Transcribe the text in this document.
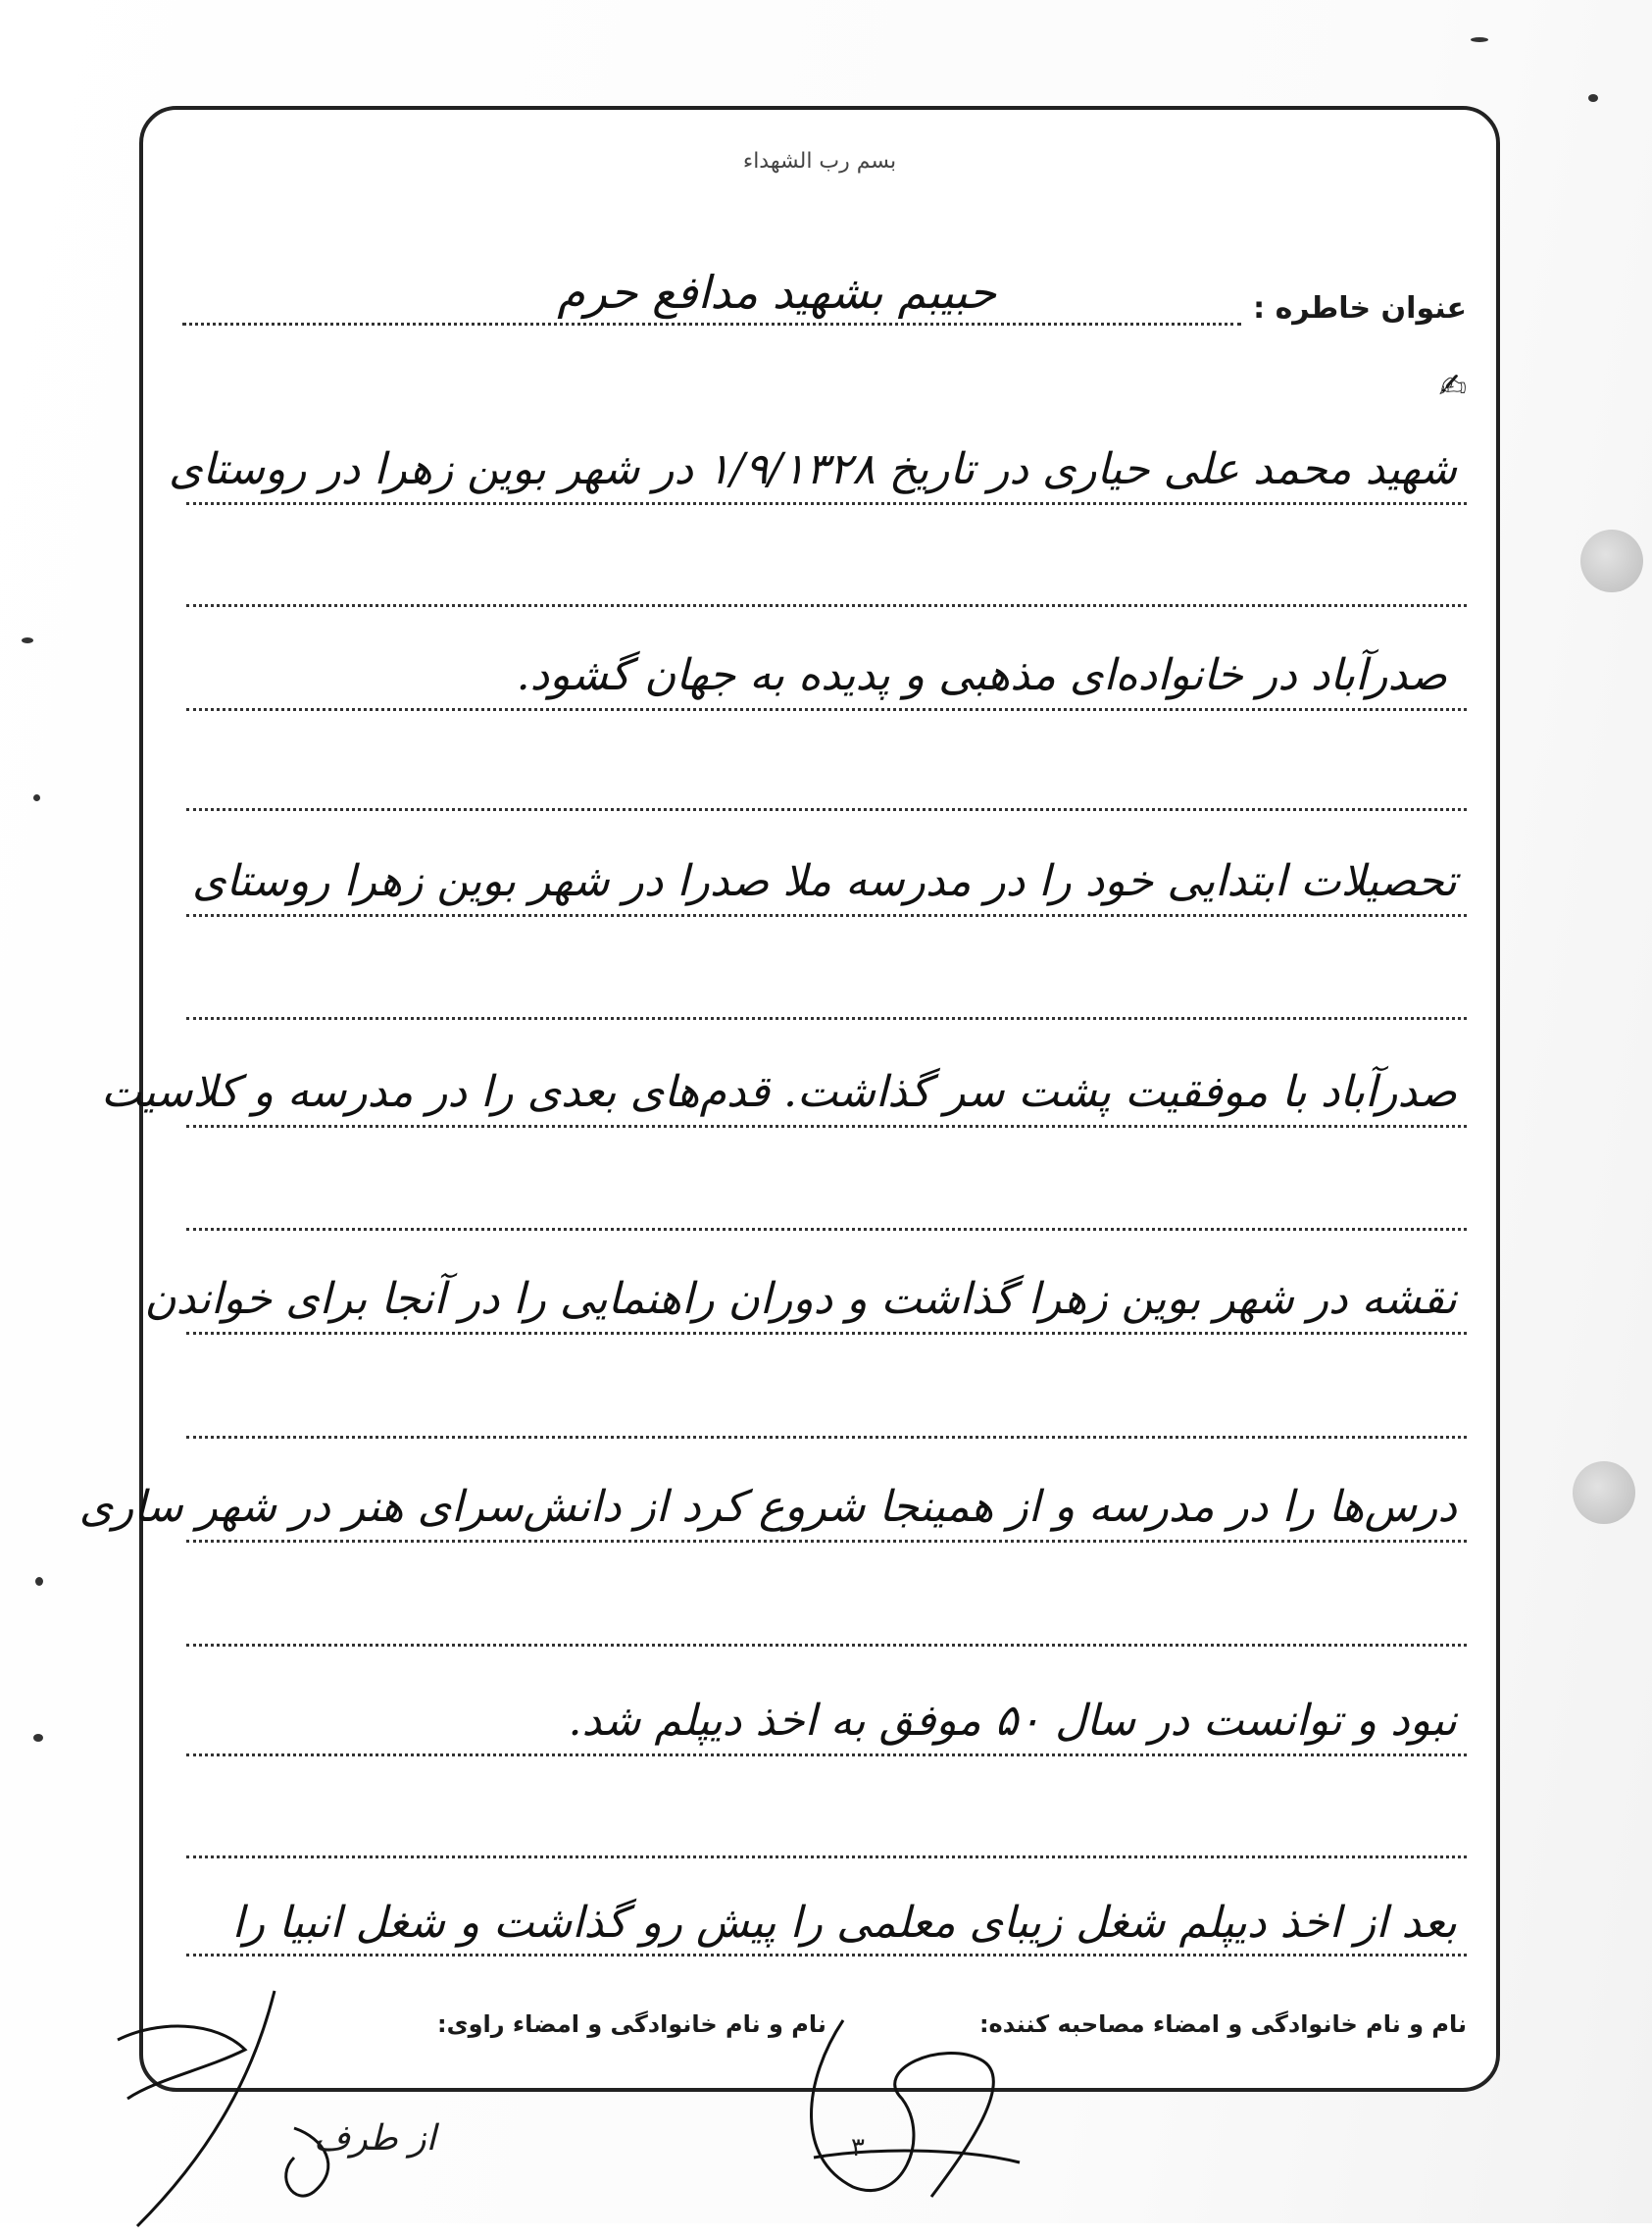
بسم رب الشهداء
عنوان خاطره :
حبیبم بشهید مدافع حرم
✍
شهید محمد علی حیاری در تاریخ ۱/۹/۱۳۲۸ در شهر بوین زهرا در روستای
صدرآباد در خانواده‌ای مذهبی و پدیده به جهان گشود.
تحصیلات ابتدایی خود را در مدرسه ملا صدرا در شهر بوین زهرا روستای
صدرآباد با موفقیت پشت سر گذاشت. قدم‌های بعدی را در مدرسه و کلاسیت
نقشه در شهر بوین زهرا گذاشت و دوران راهنمایی را در آنجا برای خواندن
درس‌ها را در مدرسه و از همینجا شروع کرد از دانش‌سرای هنر در شهر ساری
نبود و توانست در سال ۵۰ موفق به اخذ دیپلم شد.
بعد از اخذ دیپلم شغل زیبای معلمی را پیش رو گذاشت و شغل انبیا را
نام و نام خانوادگی و امضاء مصاحبه کننده:
نام و نام خانوادگی و امضاء راوی:
از طرف	۳
